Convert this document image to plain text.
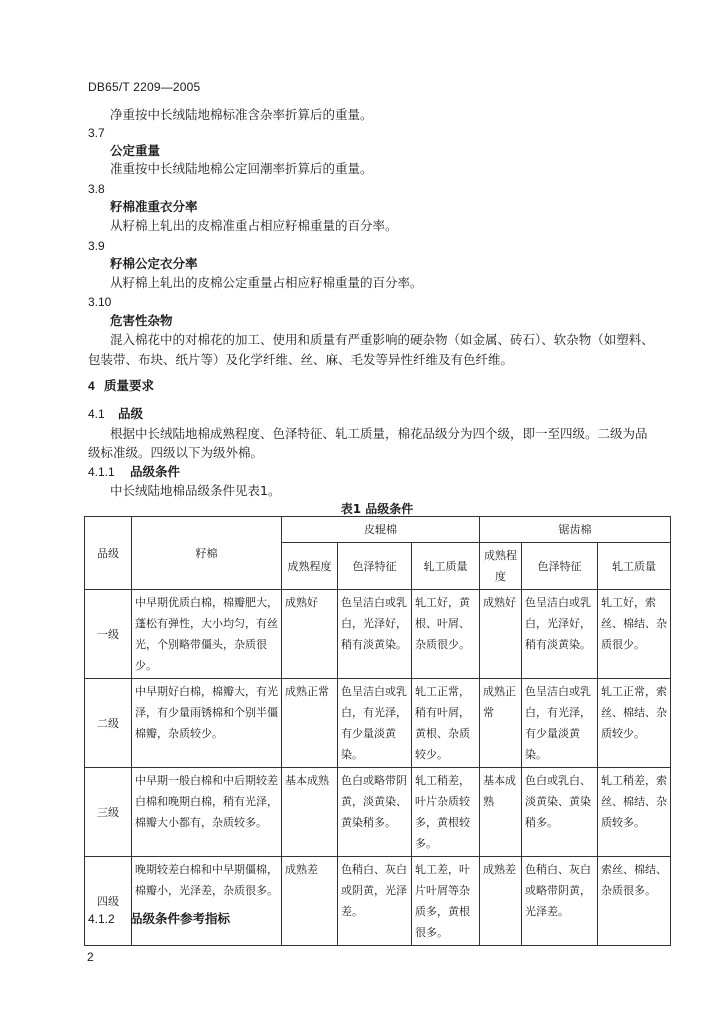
DB65/T 2209—2005
净重按中长绒陆地棉标准含杂率折算后的重量。
3.7
公定重量
准重按中长绒陆地棉公定回潮率折算后的重量。
3.8
籽棉准重衣分率
从籽棉上轧出的皮棉准重占相应籽棉重量的百分率。
3.9
籽棉公定衣分率
从籽棉上轧出的皮棉公定重量占相应籽棉重量的百分率。
3.10
危害性杂物
混入棉花中的对棉花的加工、使用和质量有严重影响的硬杂物（如金属、砖石）、软杂物（如塑料、
包装带、布块、纸片等）及化学纤维、丝、麻、毛发等异性纤维及有色纤维。
4 质量要求
4.1 品级
根据中长绒陆地棉成熟程度、色泽特征、轧工质量，棉花品级分为四个级，即一至四级。二级为品
级标准级。四级以下为级外棉。
4.1.1 品级条件
中长绒陆地棉品级条件见表1。
表1 品级条件
品级	籽棉	皮辊棉			锯齿棉		
		成熟程度	色泽特征	轧工质量	成熟程度	色泽特征	轧工质量
一级	中早期优质白棉，棉瓣肥大，蓬松有弹性，大小均匀，有丝光，个别略带僵头，杂质很少。	成熟好	色呈洁白或乳白，光泽好，稍有淡黄染。	轧工好，黄根、叶屑、杂质很少。	成熟好	色呈洁白或乳白，光泽好，稍有淡黄染。	轧工好，索丝、棉结、杂质很少。
二级	中早期好白棉，棉瓣大，有光泽，有少量雨锈棉和个别半僵棉瓣，杂质较少。	成熟正常	色呈洁白或乳白，有光泽，有少量淡黄染。	轧工正常，稍有叶屑，黄根、杂质较少。	成熟正常	色呈洁白或乳白，有光泽，有少量淡黄染。	轧工正常，索丝、棉结、杂质较少。
三级	中早期一般白棉和中后期较差白棉和晚期白棉，稍有光泽，棉瓣大小都有，杂质较多。	基本成熟	色白或略带阴黄，淡黄染、黄染稍多。	轧工稍差，叶片杂质较多，黄根较多。	基本成熟	色白或乳白、淡黄染、黄染稍多。	轧工稍差，索丝、棉结、杂质较多。
四级	晚期较差白棉和中早期僵棉，棉瓣小，光泽差，杂质很多。	成熟差	色稍白、灰白或阴黄，光泽差。	轧工差，叶片叶屑等杂质多，黄根很多。	成熟差	色稍白、灰白或略带阴黄，光泽差。	索丝、棉结、杂质很多。
4.1.2 品级条件参考指标
2
